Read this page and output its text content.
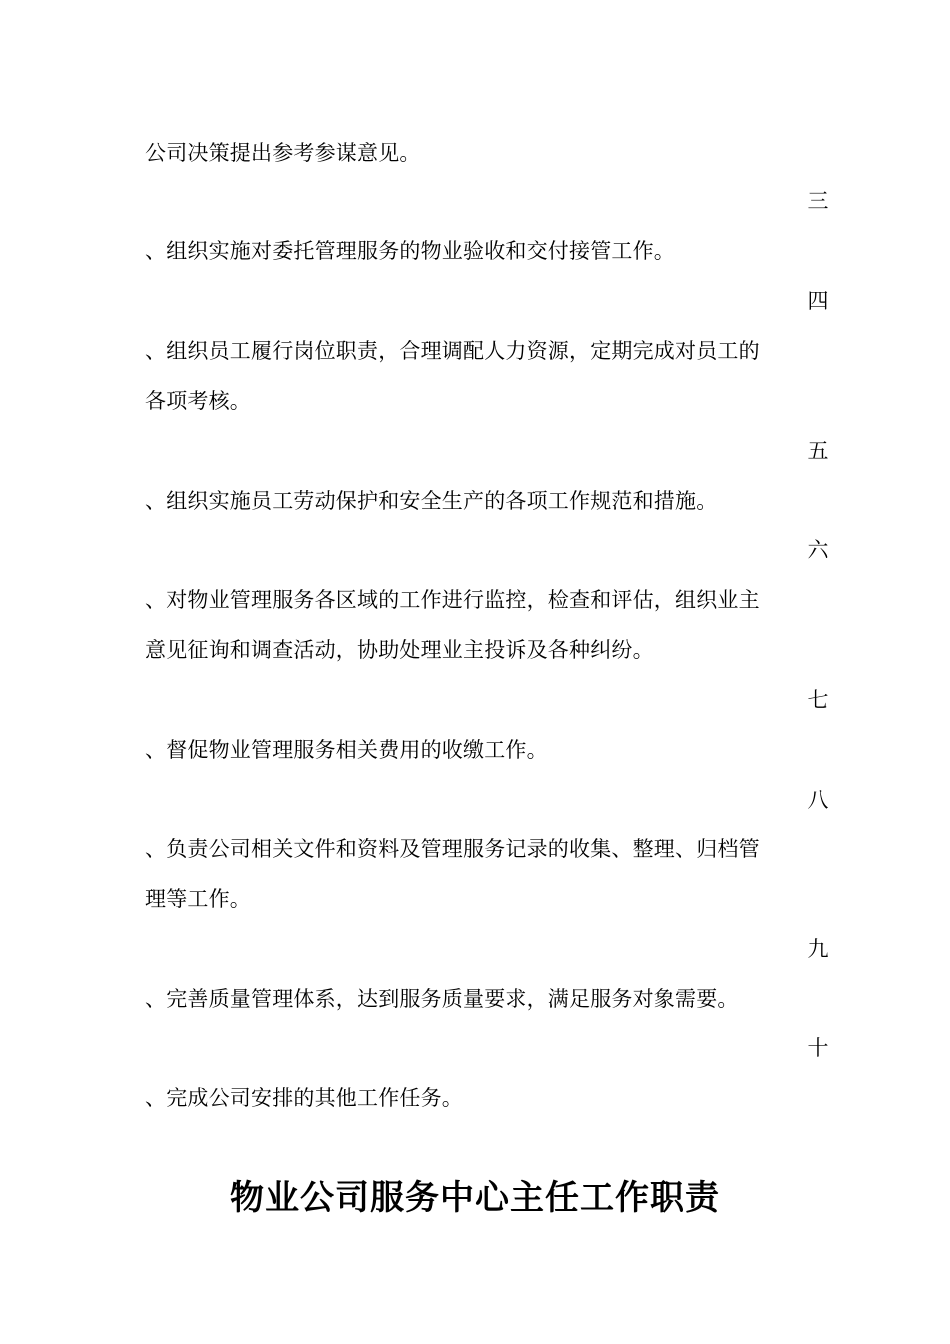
公司决策提出参考参谋意见。
三
、组织实施对委托管理服务的物业验收和交付接管工作。
四
、组织员工履行岗位职责，合理调配人力资源，定期完成对员工的
各项考核。
五
、组织实施员工劳动保护和安全生产的各项工作规范和措施。
六
、对物业管理服务各区域的工作进行监控，检查和评估，组织业主
意见征询和调查活动，协助处理业主投诉及各种纠纷。
七
、督促物业管理服务相关费用的收缴工作。
八
、负责公司相关文件和资料及管理服务记录的收集、整理、归档管
理等工作。
九
、完善质量管理体系，达到服务质量要求，满足服务对象需要。
十
、完成公司安排的其他工作任务。
物业公司服务中心主任工作职责
